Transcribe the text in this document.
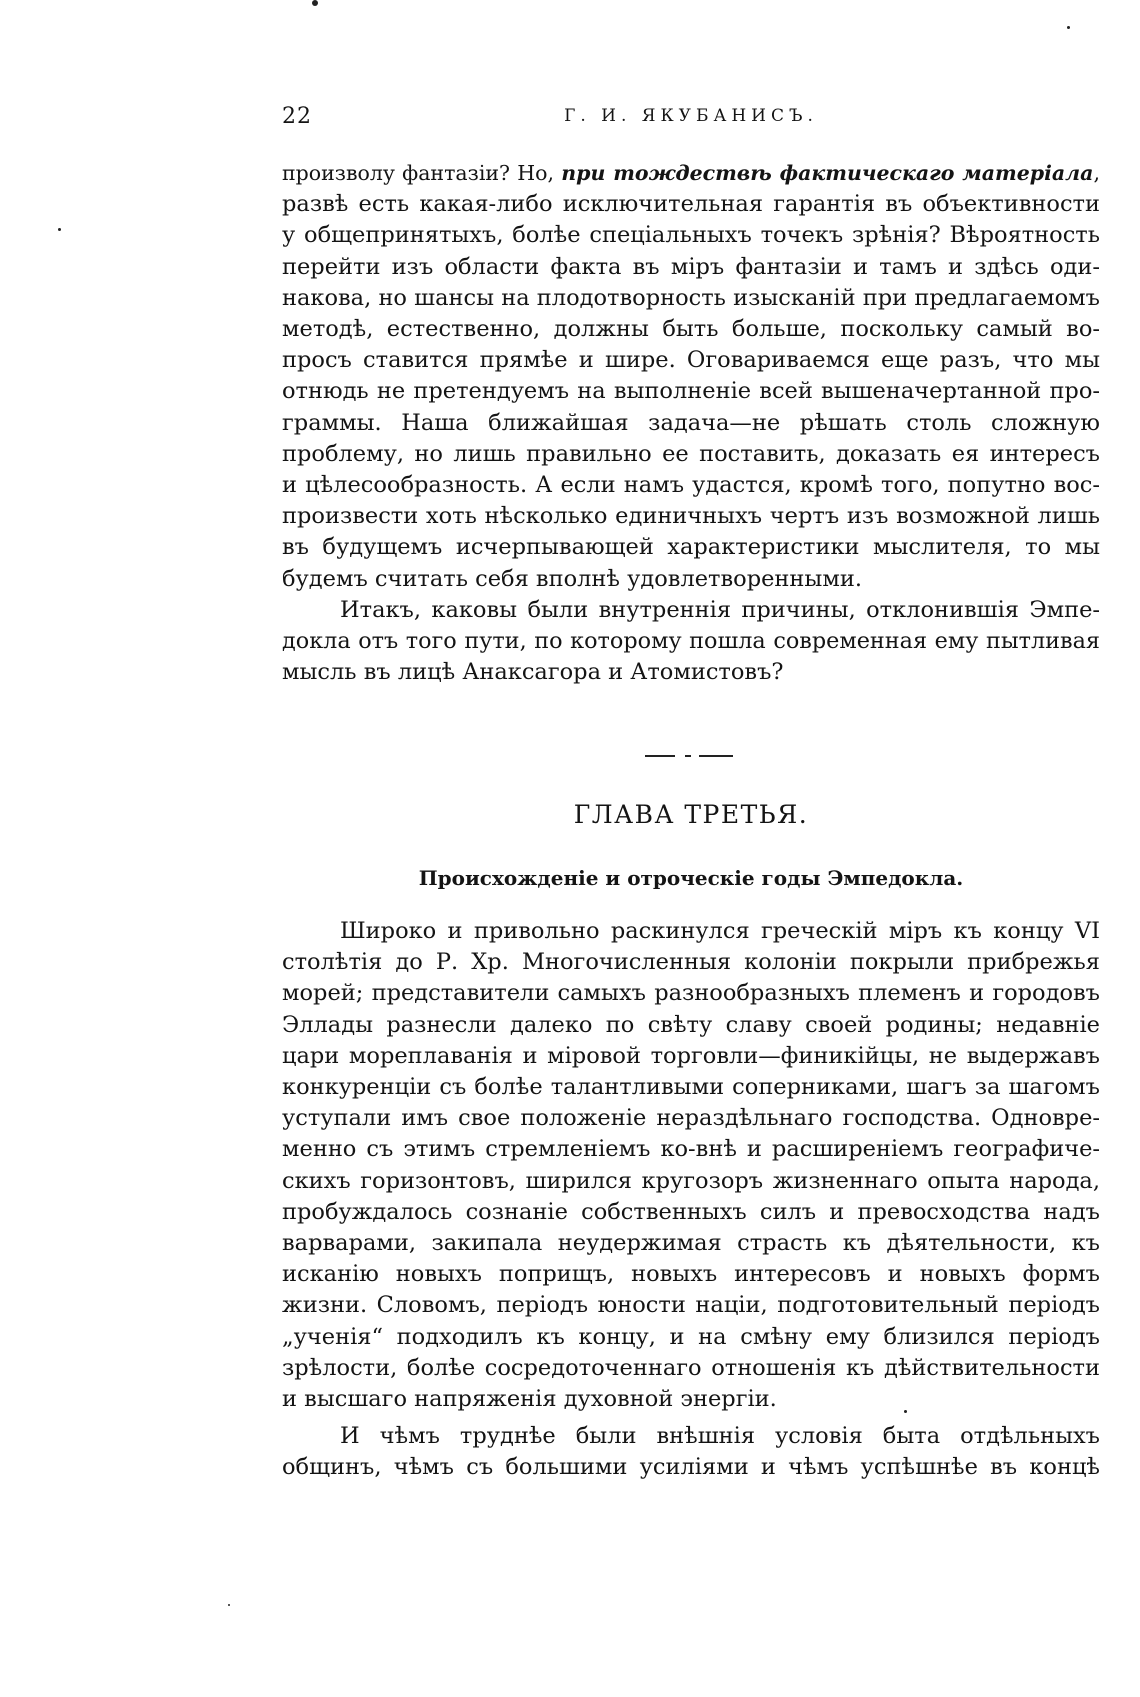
22	Г. И. ЯКУБАНИСЪ.

произволу фантазіи? Но, при тождествѣ фактическаго матеріала,
развѣ есть какая-либо исключительная гарантія въ объективности
у общепринятыхъ, болѣе спеціальныхъ точекъ зрѣнія? Вѣроятность
перейти изъ области факта въ міръ фантазіи и тамъ и здѣсь оди-
накова, но шансы на плодотворность изысканій при предлагаемомъ
методѣ, естественно, должны быть больше, поскольку самый во-
просъ ставится прямѣе и шире. Оговариваемся еще разъ, что мы
отнюдь не претендуемъ на выполненіе всей вышеначертанной про-
граммы. Наша ближайшая задача—не рѣшать столь сложную
проблему, но лишь правильно ее поставить, доказать ея интересъ
и цѣлесообразность. А если намъ удастся, кромѣ того, попутно вос-
произвести хоть нѣсколько единичныхъ чертъ изъ возможной лишь
въ будущемъ исчерпывающей характеристики мыслителя, то мы
будемъ считать себя вполнѣ удовлетворенными.

Итакъ, каковы были внутреннія причины, отклонившія Эмпе-
докла отъ того пути, по которому пошла современная ему пытливая
мысль въ лицѣ Анаксагора и Атомистовъ?

ГЛАВА ТРЕТЬЯ.
Происхожденіе и отроческіе годы Эмпедокла.

Широко и привольно раскинулся греческій міръ къ концу VI
столѣтія до Р. Хр. Многочисленныя колоніи покрыли прибрежья
морей; представители самыхъ разнообразныхъ племенъ и городовъ
Эллады разнесли далеко по свѣту славу своей родины; недавніе
цари мореплаванія и міровой торговли—финикійцы, не выдержавъ
конкуренціи съ болѣе талантливыми соперниками, шагъ за шагомъ
уступали имъ свое положеніе нераздѣльнаго господства. Одновре-
менно съ этимъ стремленіемъ ко-внѣ и расширеніемъ географиче-
скихъ горизонтовъ, ширился кругозоръ жизненнаго опыта народа,
пробуждалось сознаніе собственныхъ силъ и превосходства надъ
варварами, закипала неудержимая страсть къ дѣятельности, къ
исканію новыхъ поприщъ, новыхъ интересовъ и новыхъ формъ
жизни. Словомъ, періодъ юности націи, подготовительный періодъ
„ученія“ подходилъ къ концу, и на смѣну ему близился періодъ
зрѣлости, болѣе сосредоточеннаго отношенія къ дѣйствительности
и высшаго напряженія духовной энергіи.

И чѣмъ труднѣе были внѣшнія условія быта отдѣльныхъ
общинъ, чѣмъ съ большими усиліями и чѣмъ успѣшнѣе въ концѣ
